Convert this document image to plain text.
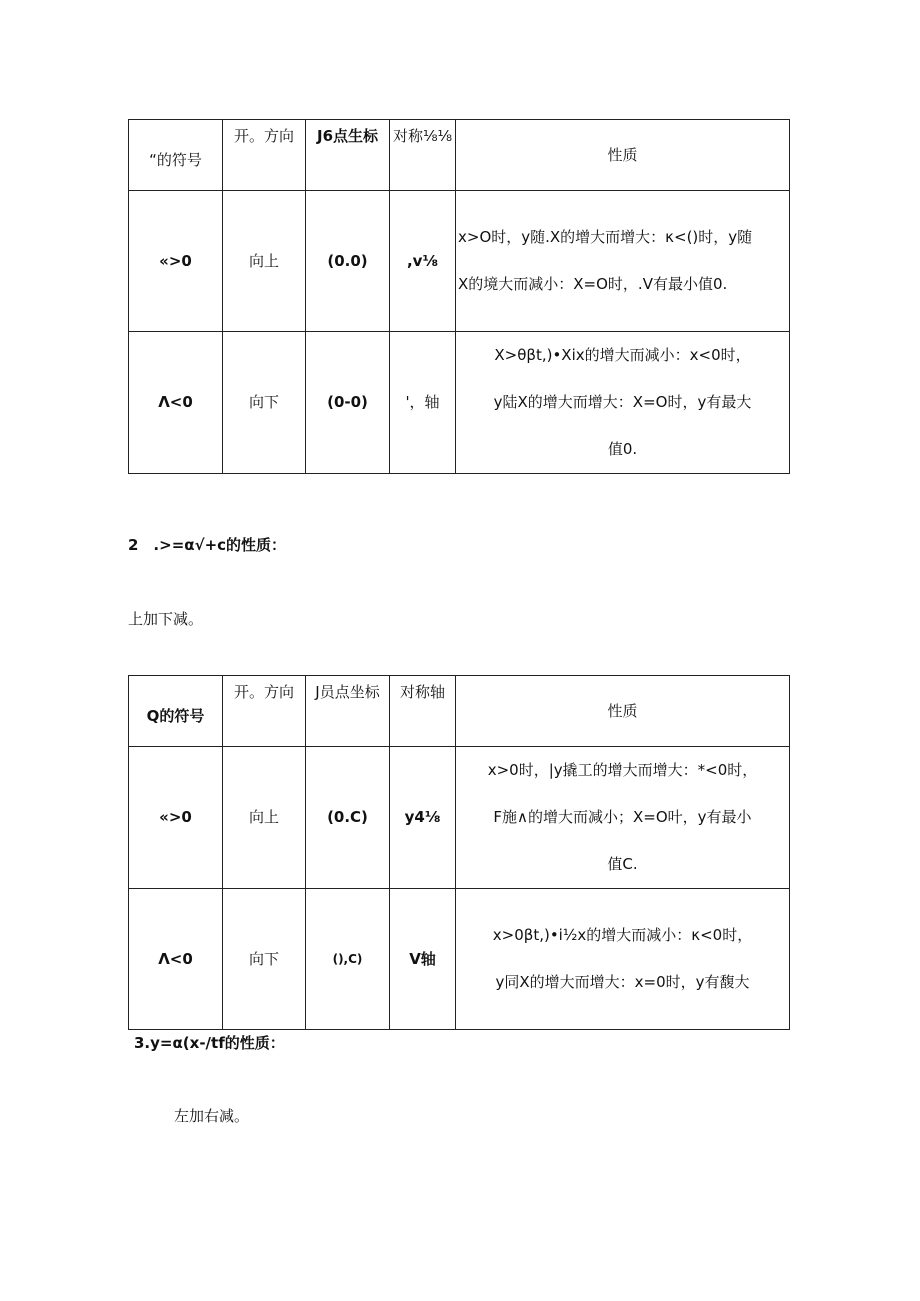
“的符号	开。方向	J6点生标	对称⅛⅛	性质
«>0	向上	(0.0)	,v⅛	x>O时，y随.X的增大而增大：κ<()时，y随
X的境大而减小：X=O时，.V有最小值0.

Λ<0	向下	(0-0)	'，轴	X>θβt,)•Xix的增大而减小：x<0时，
y陆X的增大而增大：X=O时，y有最大
值0.
2　.>=α√+c的性质：
上加下减。
Q的符号	开。方向	J员点坐标	对称轴	性质
«>0	向上	(0.C)	y4⅛	x>0时，|y撬工的增大而增大：*<0时，
F施∧的增大而减小；X=O叶，y有最小
值C.

Λ<0	向下	(),C)	V轴	x>0βt,)•i½x的增大而减小：κ<0时，
y同X的增大而增大：x=0时，y有馥大
3.y=α(x-/tf的性质：
左加右减。
